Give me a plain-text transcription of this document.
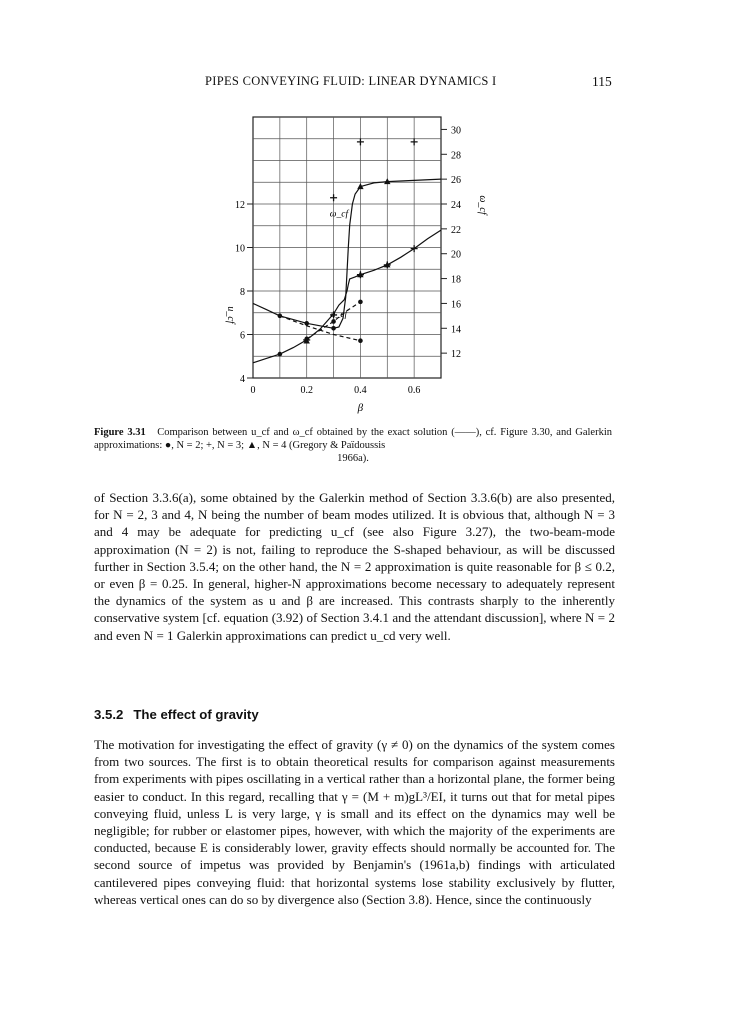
PIPES CONVEYING FLUID: LINEAR DYNAMICS I	115
0	0.2	0.4	0.6
4
6
8
10
12
12
14
16
18
20
22
24
26
28
30
β
u_cf
ω_cf
ω_cf
u_cf
Figure 3.31 Comparison between u_cf and ω_cf obtained by the exact solution (——), cf. Figure 3.30, and Galerkin approximations: ●, N = 2; +, N = 3; ▲, N = 4 (Gregory & Païdoussis
1966a).
of Section 3.3.6(a), some obtained by the Galerkin method of Section 3.3.6(b) are also presented, for N = 2, 3 and 4, N being the number of beam modes utilized. It is obvious that, although N = 3 and 4 may be adequate for predicting u_cf (see also Figure 3.27), the two-beam-mode approximation (N = 2) is not, failing to reproduce the S-shaped behaviour, as will be discussed further in Section 3.5.4; on the other hand, the N = 2 approximation is quite reasonable for β ≤ 0.2, or even β = 0.25. In general, higher-N approximations become necessary to adequately represent the dynamics of the system as u and β are increased. This contrasts sharply to the inherently conservative system [cf. equation (3.92) of Section 3.4.1 and the attendant discussion], where N = 2 and even N = 1 Galerkin approximations can predict u_cd very well.
3.5.2 The effect of gravity
The motivation for investigating the effect of gravity (γ ≠ 0) on the dynamics of the system comes from two sources. The first is to obtain theoretical results for comparison against measurements from experiments with pipes oscillating in a vertical rather than a horizontal plane, the former being easier to conduct. In this regard, recalling that γ = (M + m)gL³/EI, it turns out that for metal pipes conveying fluid, unless L is very large, γ is small and its effect on the dynamics may well be negligible; for rubber or elastomer pipes, however, with which the majority of the experiments are conducted, because E is considerably lower, gravity effects should normally be accounted for. The second source of impetus was provided by Benjamin's (1961a,b) findings with articulated cantilevered pipes conveying fluid: that horizontal systems lose stability exclusively by flutter, whereas vertical ones can do so by divergence also (Section 3.8). Hence, since the continuously
